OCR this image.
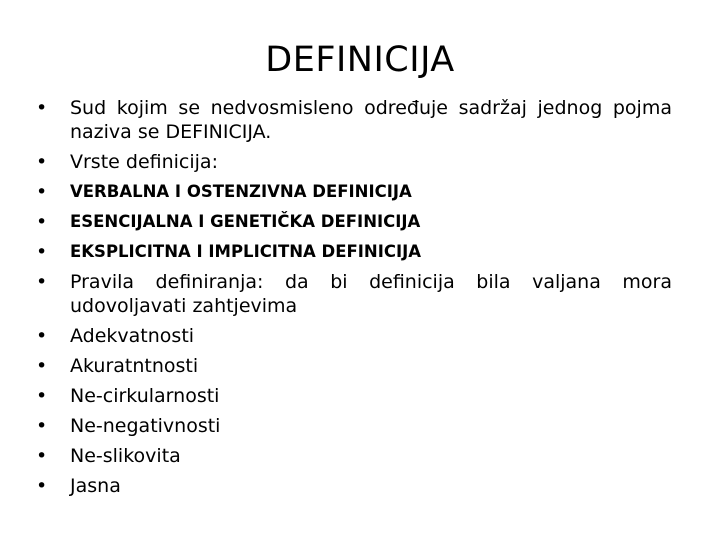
DEFINICIJA
•	Sud kojim se nedvosmisleno određuje sadržaj jednog pojma naziva se DEFINICIJA.
•	Vrste definicija:
•	VERBALNA I OSTENZIVNA DEFINICIJA
•	ESENCIJALNA I GENETIČKA DEFINICIJA
•	EKSPLICITNA I IMPLICITNA DEFINICIJA
•	Pravila definiranja: da bi definicija bila valjana mora udovoljavati zahtjevima
•	Adekvatnosti
•	Akuratntnosti
•	Ne-cirkularnosti
•	Ne-negativnosti
•	Ne-slikovita
•	Jasna
